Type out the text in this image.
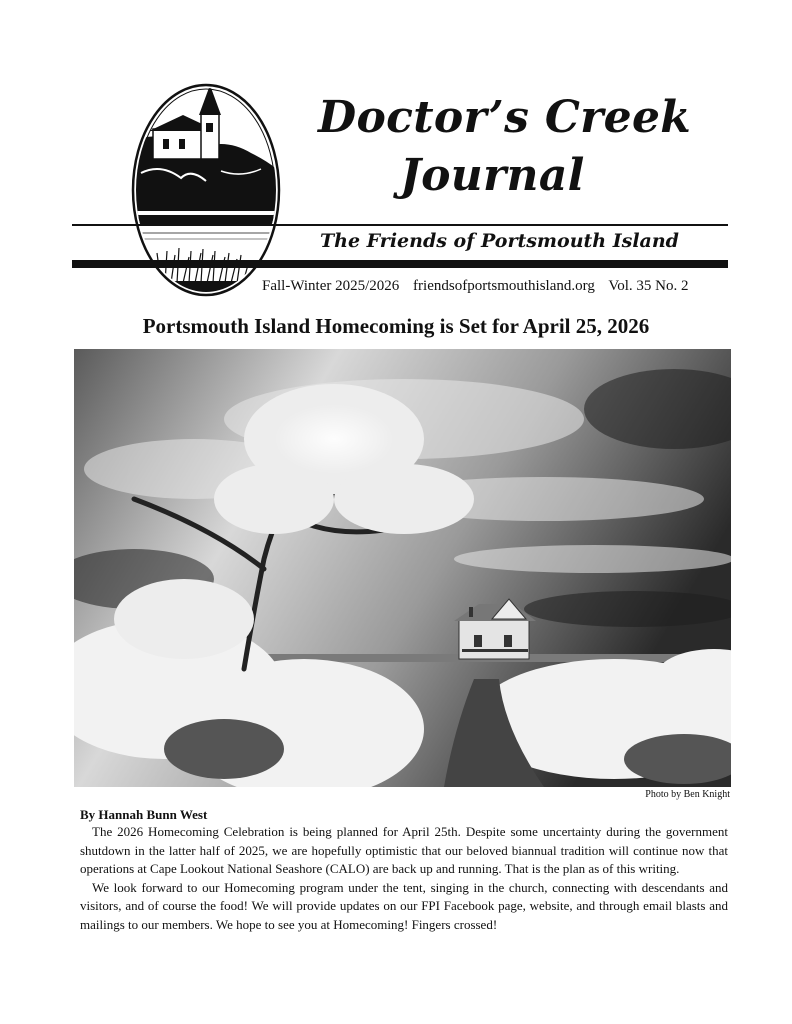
Doctor’s Creek
Journal
The Friends of Portsmouth Island
Fall-Winter 2025/2026 friendsofportsmouthisland.org Vol. 35 No. 2
Portsmouth Island Homecoming is Set for April 25, 2026
Photo by Ben Knight
By Hannah Bunn West

The 2026 Homecoming Celebration is being planned for April 25th. Despite some uncertainty during the government shutdown in the latter half of 2025, we are hopefully optimistic that our beloved biannual tradition will continue now that operations at Cape Lookout National Seashore (CALO) are back up and running. That is the plan as of this writing.

We look forward to our Homecoming program under the tent, singing in the church, connecting with descendants and visitors, and of course the food! We will provide updates on our FPI Facebook page, website, and through email blasts and mailings to our members. We hope to see you at Homecoming! Fingers crossed!
